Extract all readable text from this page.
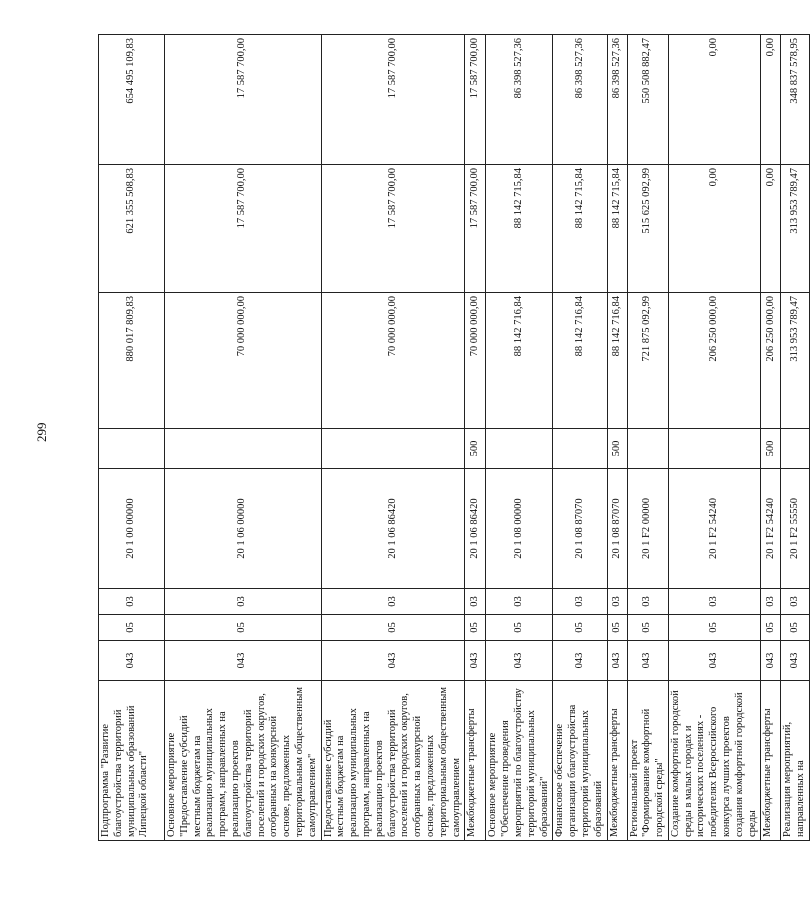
299
Подпрограмма "Развитие благоустройства территорий муниципальных образований Липецкой области"	043	05	03	20 1 00 00000		880 017 809,83	621 355 508,83	654 495 109,83
Основное мероприятие "Предоставление субсидий местным бюджетам на реализацию муниципальных программ, направленных на реализацию проектов благоустройства территорий поселений и городских округов, отобранных на конкурсной основе, предложенных территориальным общественным самоуправлением"	043	05	03	20 1 06 00000		70 000 000,00	17 587 700,00	17 587 700,00
Предоставление субсидий местным бюджетам на реализацию муниципальных программ, направленных на реализацию проектов благоустройства территорий поселений и городских округов, отобранных на конкурсной основе, предложенных территориальным общественным самоуправлением	043	05	03	20 1 06 86420		70 000 000,00	17 587 700,00	17 587 700,00
Межбюджетные трансферты	043	05	03	20 1 06 86420	500	70 000 000,00	17 587 700,00	17 587 700,00
Основное мероприятие "Обеспечение проведения мероприятий по благоустройству территорий муниципальных образований"	043	05	03	20 1 08 00000		88 142 716,84	88 142 715,84	86 398 527,36
Финансовое обеспечение организации благоустройства территорий муниципальных образований	043	05	03	20 1 08 87070		88 142 716,84	88 142 715,84	86 398 527,36
Межбюджетные трансферты	043	05	03	20 1 08 87070	500	88 142 716,84	88 142 715,84	86 398 527,36
Региональный проект "Формирование комфортной городской среды"	043	05	03	20 1 F2 00000		721 875 092,99	515 625 092,99	550 508 882,47
Создание комфортной городской среды в малых городах и исторических поселениях - победителях Всероссийского конкурса лучших проектов создания комфортной городской среды	043	05	03	20 1 F2 54240		206 250 000,00	0,00	0,00
Межбюджетные трансферты	043	05	03	20 1 F2 54240	500	206 250 000,00	0,00	0,00
Реализация мероприятий, направленных на	043	05	03	20 1 F2 55550		313 953 789,47	313 953 789,47	348 837 578,95
